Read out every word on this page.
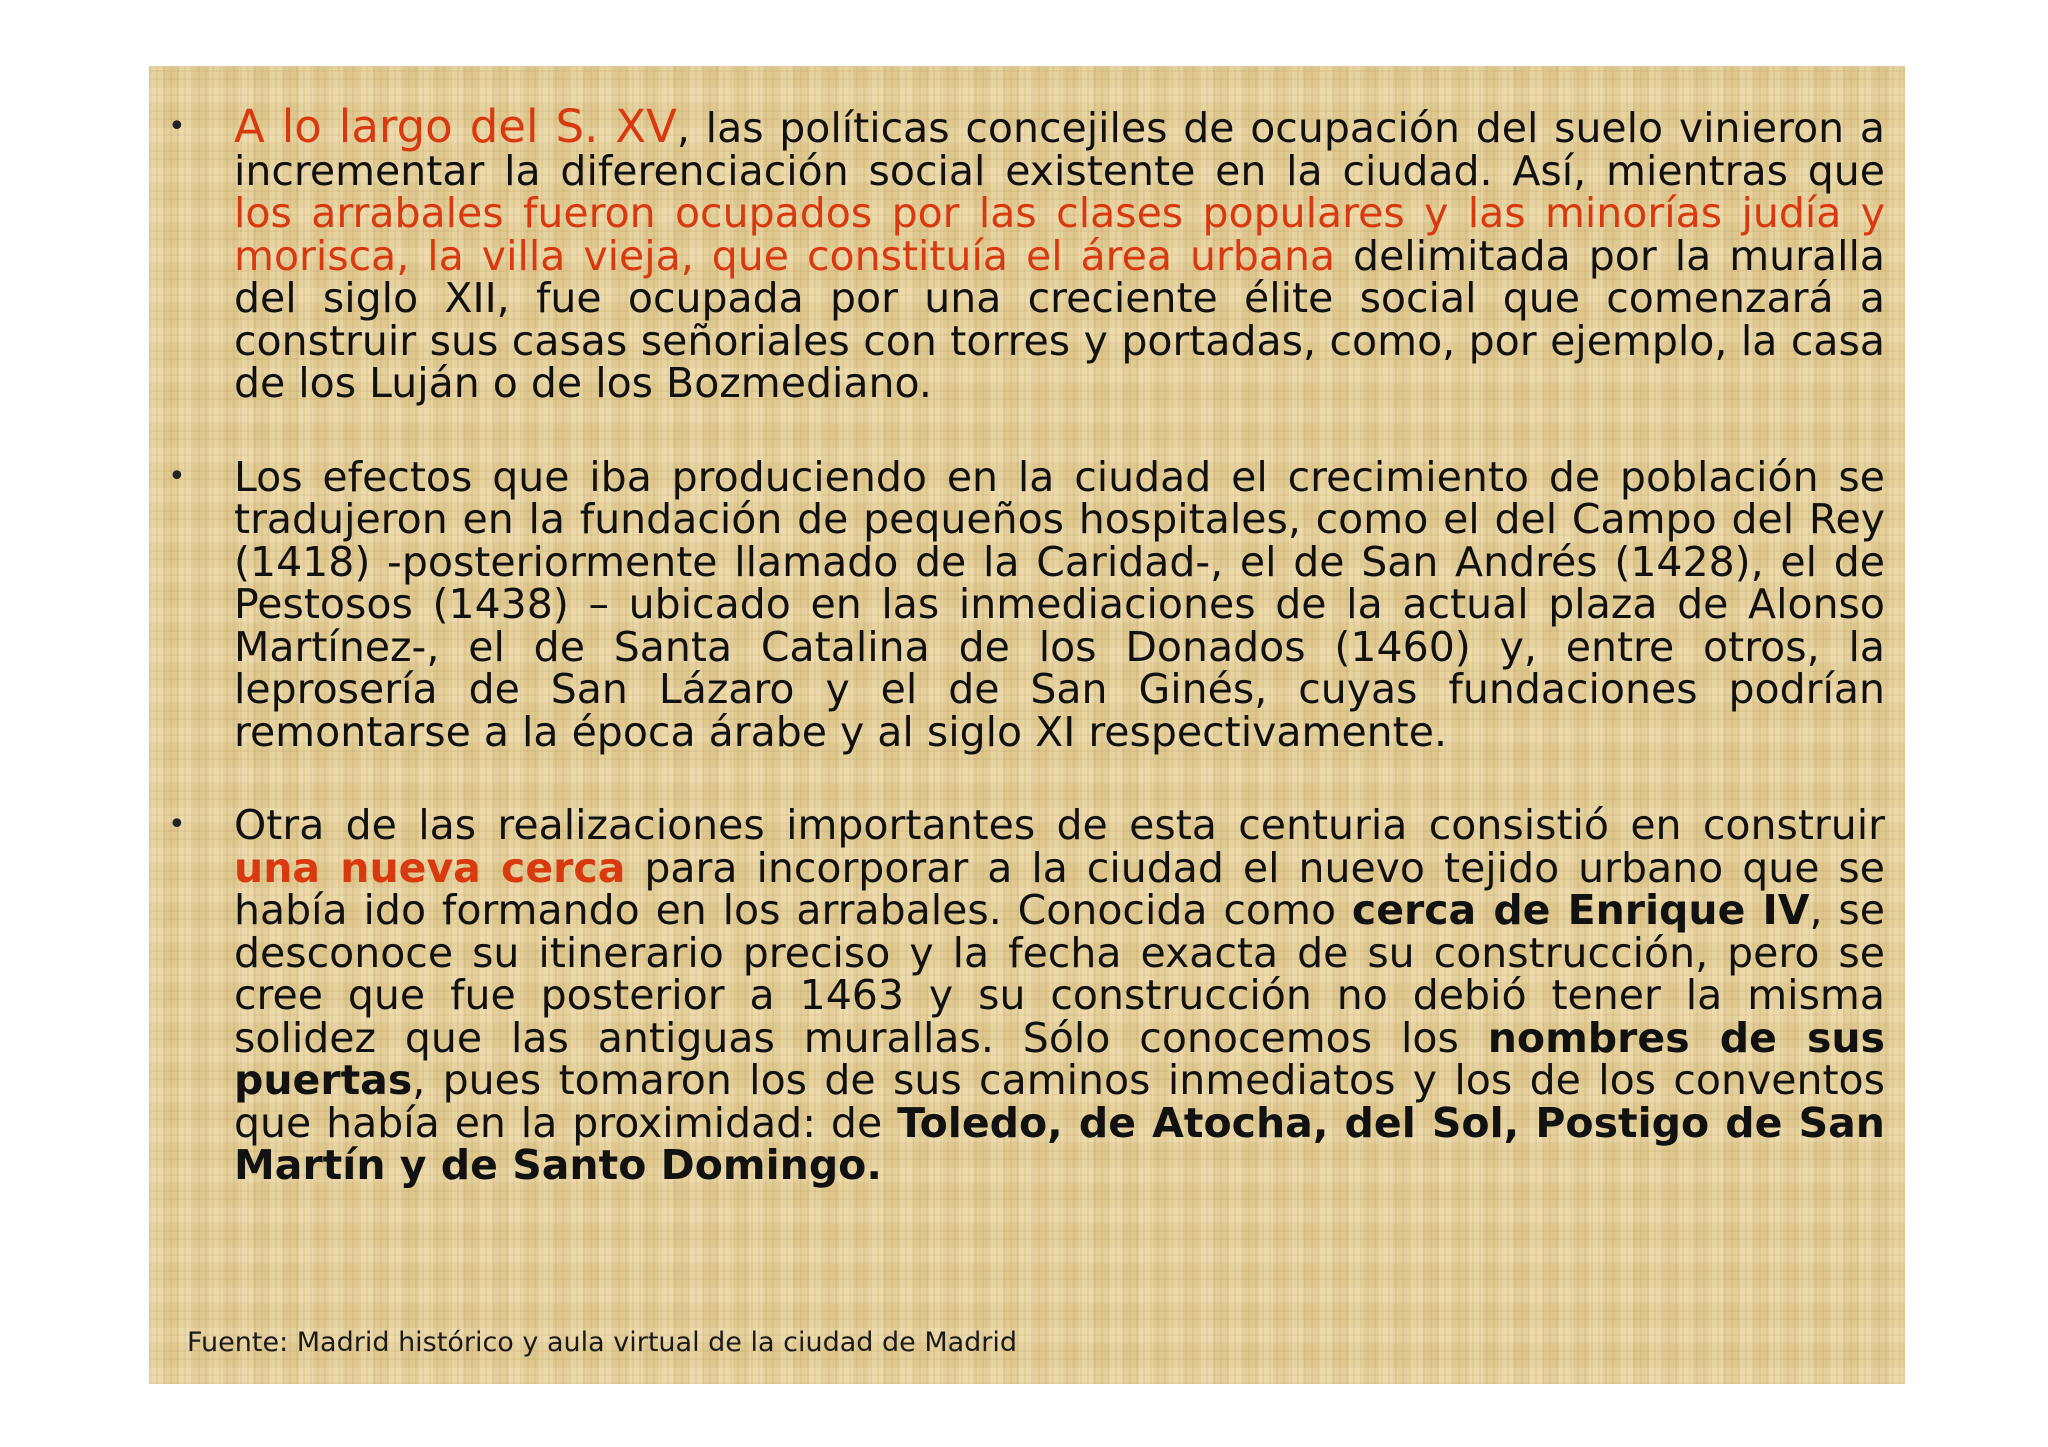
• A lo largo del S. XV, las políticas concejiles de ocupación del suelo vinieron a incrementar la diferenciación social existente en la ciudad. Así, mientras que los arrabales fueron ocupados por las clases populares y las minorías judía y morisca, la villa vieja, que constituía el área urbana delimitada por la muralla del siglo XII, fue ocupada por una creciente élite social que comenzará a construir sus casas señoriales con torres y portadas, como, por ejemplo, la casa de los Luján o de los Bozmediano.
• Los efectos que iba produciendo en la ciudad el crecimiento de población se tradujeron en la fundación de pequeños hospitales, como el del Campo del Rey (1418) -posteriormente llamado de la Caridad-, el de San Andrés (1428), el de Pestosos (1438) – ubicado en las inmediaciones de la actual plaza de Alonso Martínez-, el de Santa Catalina de los Donados (1460) y, entre otros, la leprosería de San Lázaro y el de San Ginés, cuyas fundaciones podrían remontarse a la época árabe y al siglo XI respectivamente.
• Otra de las realizaciones importantes de esta centuria consistió en construir una nueva cerca para incorporar a la ciudad el nuevo tejido urbano que se había ido formando en los arrabales. Conocida como cerca de Enrique IV, se desconoce su itinerario preciso y la fecha exacta de su construcción, pero se cree que fue posterior a 1463 y su construcción no debió tener la misma solidez que las antiguas murallas. Sólo conocemos los nombres de sus puertas, pues tomaron los de sus caminos inmediatos y los de los conventos que había en la proximidad: de Toledo, de Atocha, del Sol, Postigo de San Martín y de Santo Domingo.
Fuente: Madrid histórico y aula virtual de la ciudad de Madrid
